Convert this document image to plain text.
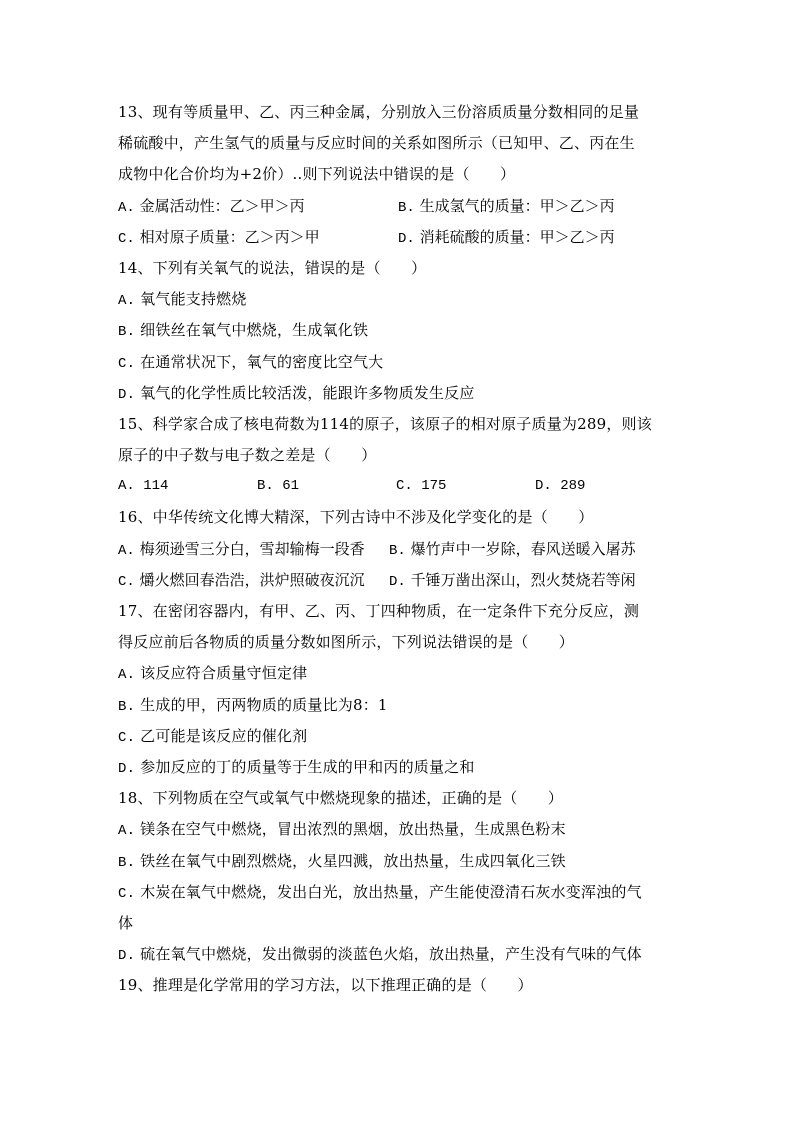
13、现有等质量甲、乙、丙三种金属，分别放入三份溶质质量分数相同的足量
稀硫酸中，产生氢气的质量与反应时间的关系如图所示（已知甲、乙、丙在生
成物中化合价均为+2价）..则下列说法中错误的是（　　）
A. 金属活动性：乙＞甲＞丙	B. 生成氢气的质量：甲＞乙＞丙
C. 相对原子质量：乙＞丙＞甲	D. 消耗硫酸的质量：甲＞乙＞丙
14、下列有关氧气的说法，错误的是（　　）
A. 氧气能支持燃烧
B. 细铁丝在氧气中燃烧，生成氧化铁
C. 在通常状况下，氧气的密度比空气大
D. 氧气的化学性质比较活泼，能跟许多物质发生反应
15、科学家合成了核电荷数为114的原子，该原子的相对原子质量为289，则该
原子的中子数与电子数之差是（　　）
A. 114	B. 61	C. 175	D. 289
16、中华传统文化博大精深，下列古诗中不涉及化学变化的是（　　）
A. 梅须逊雪三分白，雪却输梅一段香 B. 爆竹声中一岁除，春风送暖入屠苏
C. 爝火燃回春浩浩，洪炉照破夜沉沉 D. 千锤万凿出深山，烈火焚烧若等闲
17、在密闭容器内，有甲、乙、丙、丁四种物质，在一定条件下充分反应，测
得反应前后各物质的质量分数如图所示，下列说法错误的是（　　）
A. 该反应符合质量守恒定律
B. 生成的甲，丙两物质的质量比为8：1
C. 乙可能是该反应的催化剂
D. 参加反应的丁的质量等于生成的甲和丙的质量之和
18、下列物质在空气或氧气中燃烧现象的描述，正确的是（　　）
A. 镁条在空气中燃烧，冒出浓烈的黑烟，放出热量，生成黑色粉末
B. 铁丝在氧气中剧烈燃烧，火星四溅，放出热量，生成四氧化三铁
C. 木炭在氧气中燃烧，发出白光，放出热量，产生能使澄清石灰水变浑浊的气
体
D. 硫在氧气中燃烧，发出微弱的淡蓝色火焰，放出热量，产生没有气味的气体
19、推理是化学常用的学习方法，以下推理正确的是（　　）
